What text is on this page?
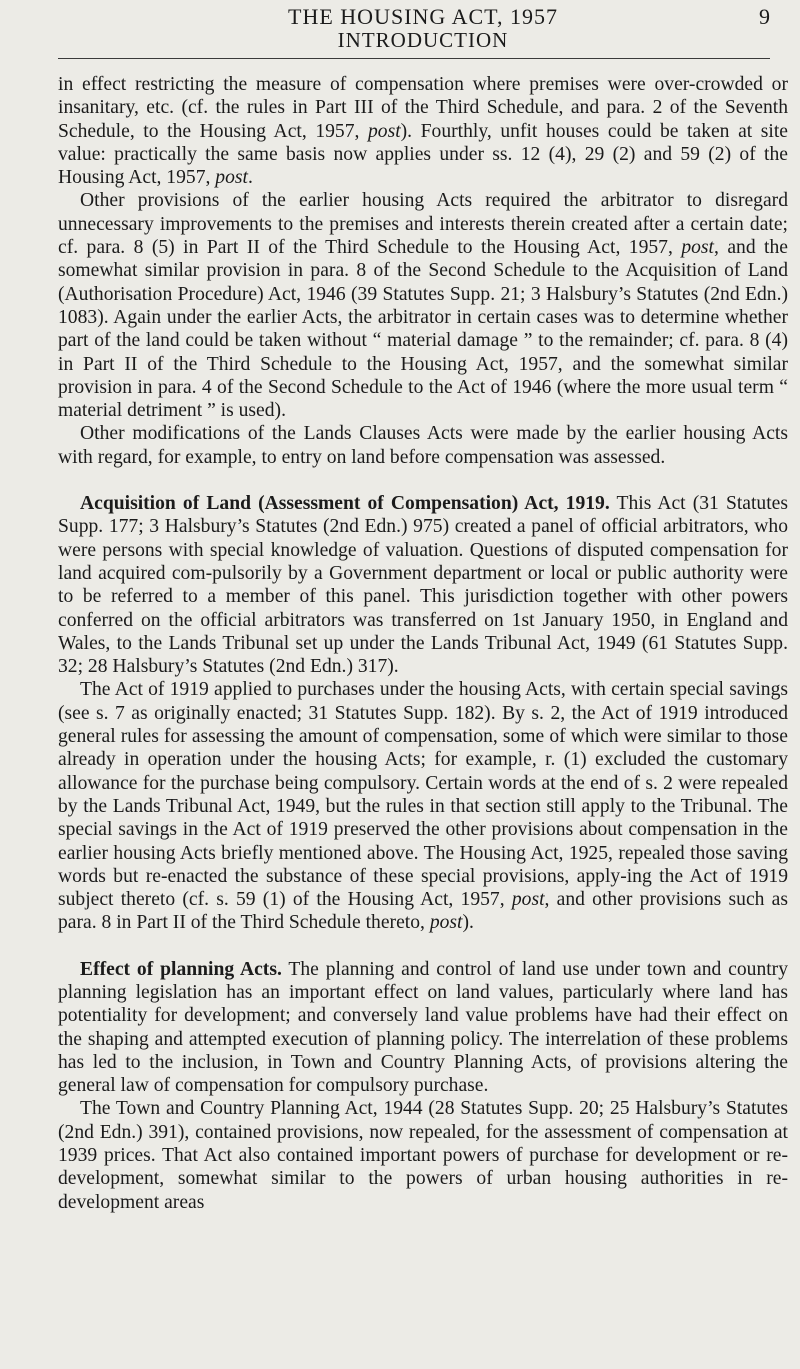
THE HOUSING ACT, 1957
INTRODUCTION
9

in effect restricting the measure of compensation where premises were over-crowded or insanitary, etc. (cf. the rules in Part III of the Third Schedule, and para. 2 of the Seventh Schedule, to the Housing Act, 1957, post). Fourthly, unfit houses could be taken at site value: practically the same basis now applies under ss. 12 (4), 29 (2) and 59 (2) of the Housing Act, 1957, post.

Other provisions of the earlier housing Acts required the arbitrator to disregard unnecessary improvements to the premises and interests therein created after a certain date; cf. para. 8 (5) in Part II of the Third Schedule to the Housing Act, 1957, post, and the somewhat similar provision in para. 8 of the Second Schedule to the Acquisition of Land (Authorisation Procedure) Act, 1946 (39 Statutes Supp. 21; 3 Halsbury’s Statutes (2nd Edn.) 1083). Again under the earlier Acts, the arbitrator in certain cases was to determine whether part of the land could be taken without “ material damage ” to the remainder; cf. para. 8 (4) in Part II of the Third Schedule to the Housing Act, 1957, and the somewhat similar provision in para. 4 of the Second Schedule to the Act of 1946 (where the more usual term “ material detriment ” is used).

Other modifications of the Lands Clauses Acts were made by the earlier housing Acts with regard, for example, to entry on land before compensation was assessed.

Acquisition of Land (Assessment of Compensation) Act, 1919. This Act (31 Statutes Supp. 177; 3 Halsbury’s Statutes (2nd Edn.) 975) created a panel of official arbitrators, who were persons with special knowledge of valuation. Questions of disputed compensation for land acquired com-pulsorily by a Government department or local or public authority were to be referred to a member of this panel. This jurisdiction together with other powers conferred on the official arbitrators was transferred on 1st January 1950, in England and Wales, to the Lands Tribunal set up under the Lands Tribunal Act, 1949 (61 Statutes Supp. 32; 28 Halsbury’s Statutes (2nd Edn.) 317).

The Act of 1919 applied to purchases under the housing Acts, with certain special savings (see s. 7 as originally enacted; 31 Statutes Supp. 182). By s. 2, the Act of 1919 introduced general rules for assessing the amount of compensation, some of which were similar to those already in operation under the housing Acts; for example, r. (1) excluded the customary allowance for the purchase being compulsory. Certain words at the end of s. 2 were repealed by the Lands Tribunal Act, 1949, but the rules in that section still apply to the Tribunal. The special savings in the Act of 1919 preserved the other provisions about compensation in the earlier housing Acts briefly mentioned above. The Housing Act, 1925, repealed those saving words but re-enacted the substance of these special provisions, apply-ing the Act of 1919 subject thereto (cf. s. 59 (1) of the Housing Act, 1957, post, and other provisions such as para. 8 in Part II of the Third Schedule thereto, post).

Effect of planning Acts. The planning and control of land use under town and country planning legislation has an important effect on land values, particularly where land has potentiality for development; and conversely land value problems have had their effect on the shaping and attempted execution of planning policy. The interrelation of these problems has led to the inclusion, in Town and Country Planning Acts, of provisions altering the general law of compensation for compulsory purchase.

The Town and Country Planning Act, 1944 (28 Statutes Supp. 20; 25 Halsbury’s Statutes (2nd Edn.) 391), contained provisions, now repealed, for the assessment of compensation at 1939 prices. That Act also contained important powers of purchase for development or re-development, somewhat similar to the powers of urban housing authorities in re-development areas
